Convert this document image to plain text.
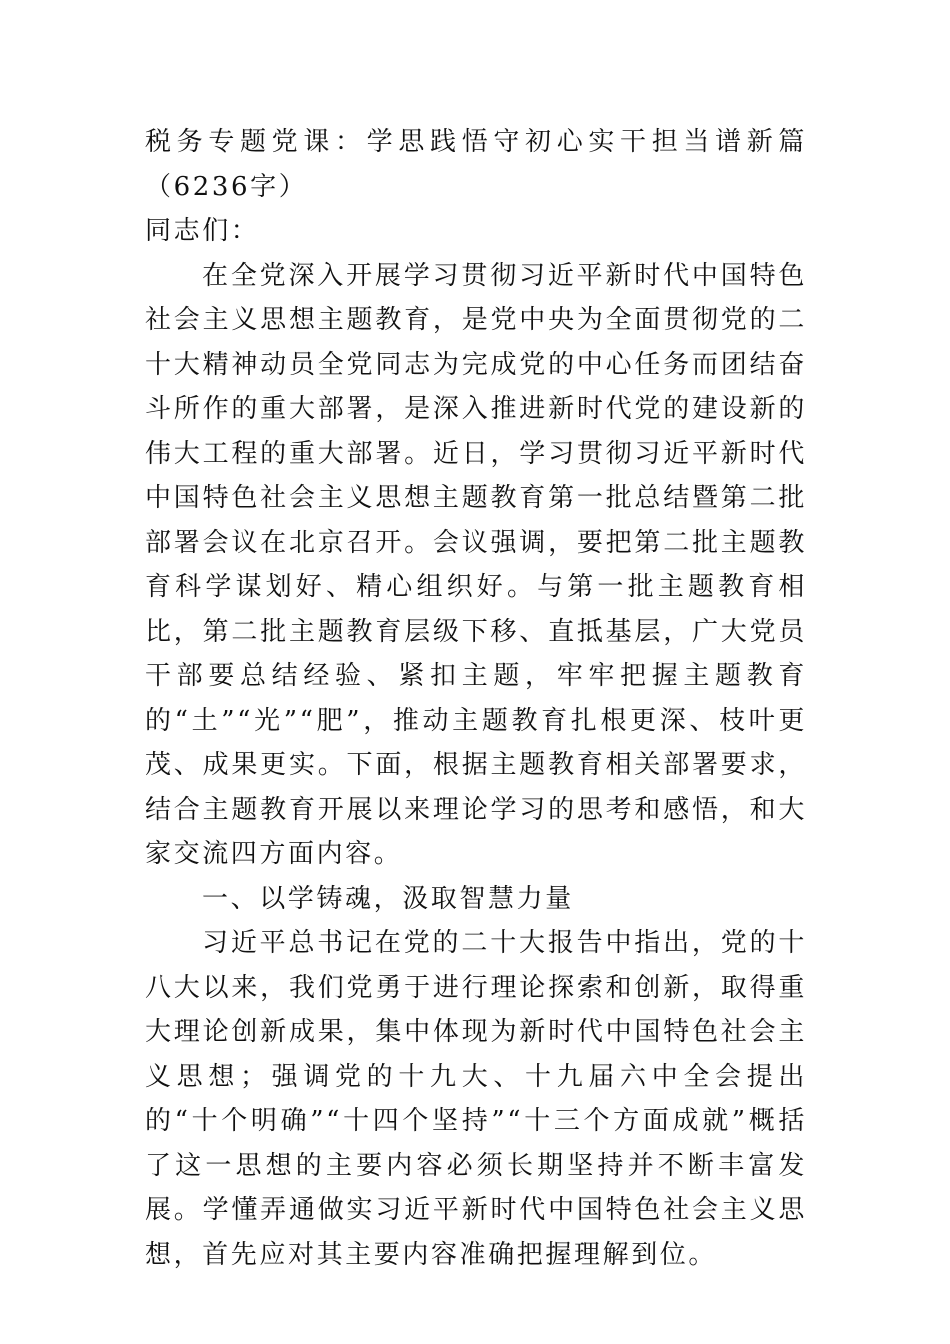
税务专题党课：学思践悟守初心实干担当谱新篇（6236字）

同志们：

在全党深入开展学习贯彻习近平新时代中国特色社会主义思想主题教育，是党中央为全面贯彻党的二十大精神动员全党同志为完成党的中心任务而团结奋斗所作的重大部署，是深入推进新时代党的建设新的伟大工程的重大部署。近日，学习贯彻习近平新时代中国特色社会主义思想主题教育第一批总结暨第二批部署会议在北京召开。会议强调，要把第二批主题教育科学谋划好、精心组织好。与第一批主题教育相比，第二批主题教育层级下移、直抵基层，广大党员干部要总结经验、紧扣主题，牢牢把握主题教育的“土”“光”“肥”，推动主题教育扎根更深、枝叶更茂、成果更实。下面，根据主题教育相关部署要求，结合主题教育开展以来理论学习的思考和感悟，和大家交流四方面内容。

一、以学铸魂，汲取智慧力量

习近平总书记在党的二十大报告中指出，党的十八大以来，我们党勇于进行理论探索和创新，取得重大理论创新成果，集中体现为新时代中国特色社会主义思想；强调党的十九大、十九届六中全会提出的“十个明确”“十四个坚持”“十三个方面成就”概括了这一思想的主要内容必须长期坚持并不断丰富发展。学懂弄通做实习近平新时代中国特色社会主义思想，首先应对其主要内容准确把握理解到位。
